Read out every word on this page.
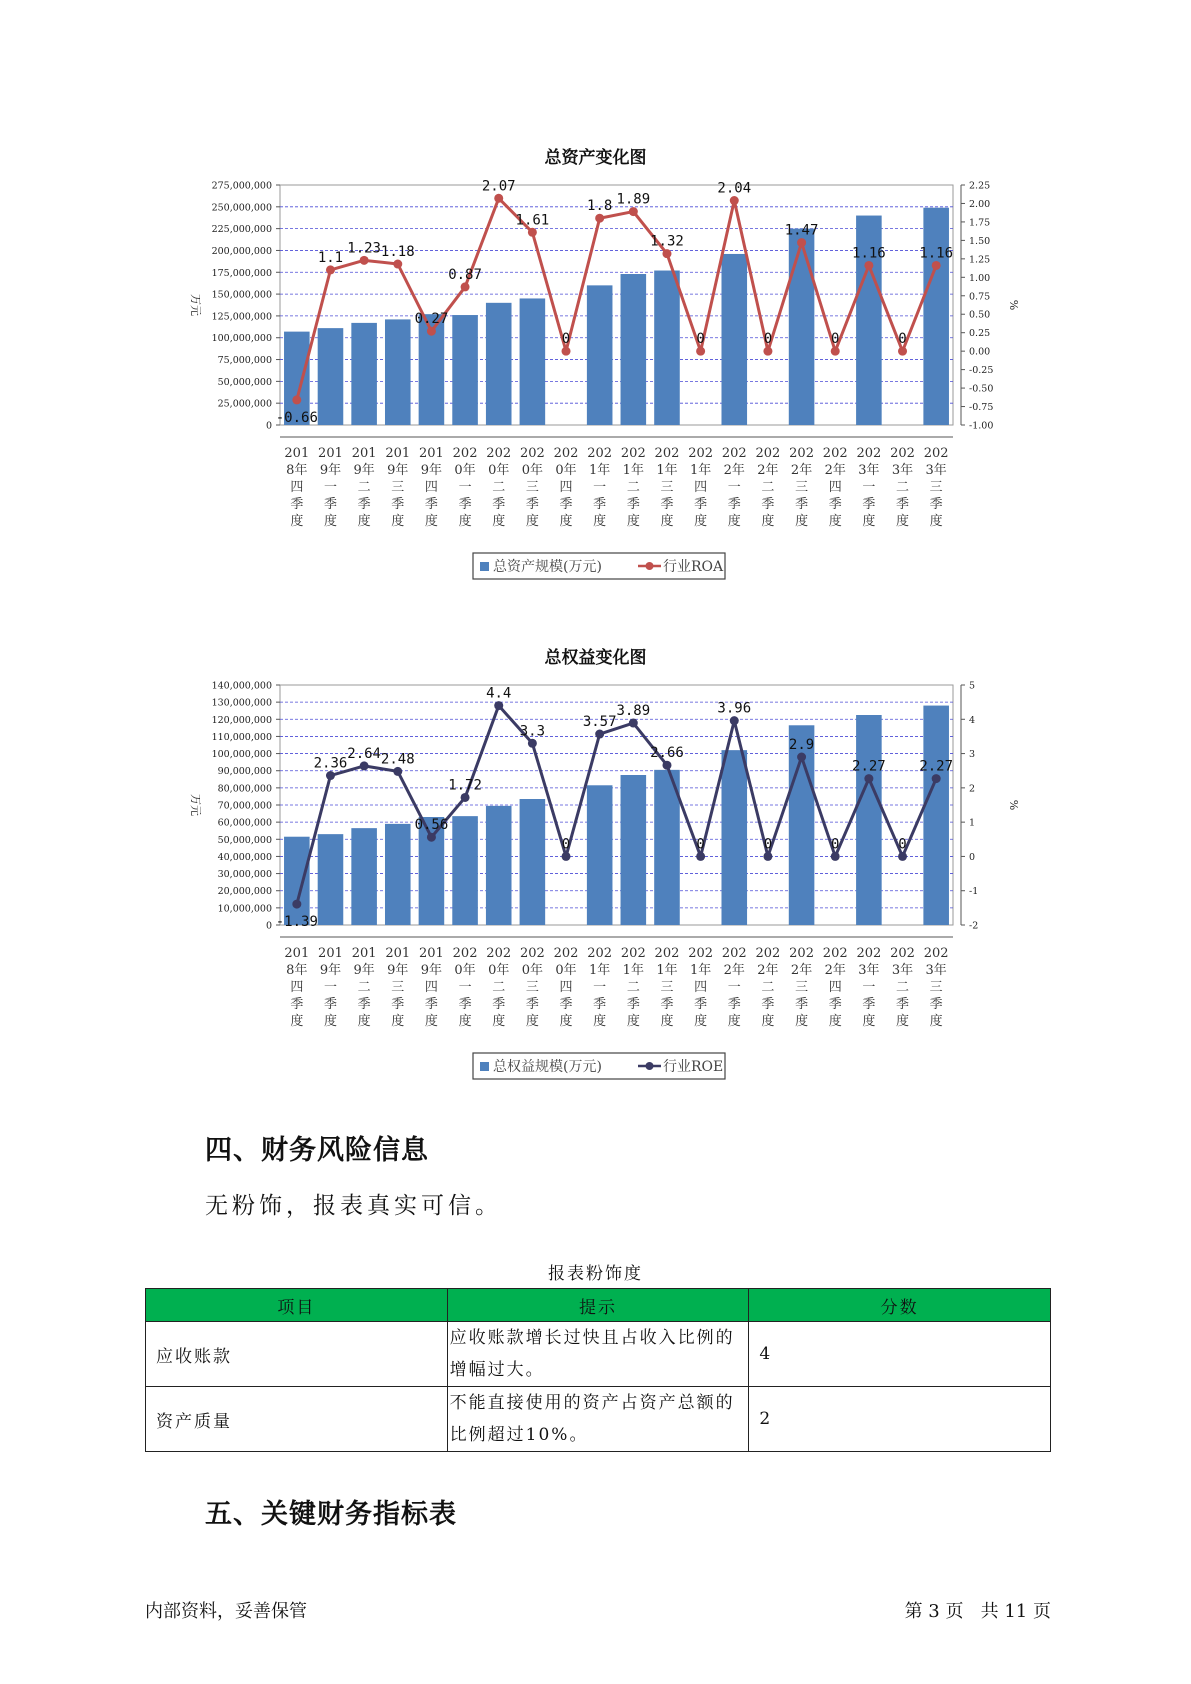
总资产变化图
0
25,000,000
50,000,000
75,000,000
100,000,000
125,000,000
150,000,000
175,000,000
200,000,000
225,000,000
250,000,000
275,000,000
-1.00
-0.75
-0.50
-0.25
0.00
0.25
0.50
0.75
1.00
1.25
1.50
1.75
2.00
2.25
万元	%
-0.66
1.1
1.23 1.18
0.27
0.87
2.07
1.61
0
1.8 1.89
1.32
0
2.04
0
1.47
0
1.16
0
1.16
201 8年四季度
201 9年一季度
201 9年二季度
201 9年三季度
201 9年四季度
202 0年一季度
202 0年二季度
202 0年三季度
202 0年四季度
202 1年一季度
202 1年二季度
202 1年三季度
202 1年四季度
202 2年一季度
202 2年二季度
202 2年三季度
202 2年四季度
202 3年一季度
202 3年二季度
202 3年三季度
总资产规模(万元)	行业ROA
总权益变化图
0
10,000,000
20,000,000
30,000,000
40,000,000
50,000,000
60,000,000
70,000,000
80,000,000
90,000,000
100,000,000
110,000,000
120,000,000
130,000,000
140,000,000
-2
-1
0
1
2
3
4
5
万元	%
-1.39
2.36
2.64 2.48
0.56
1.72
4.4
3.3
0
3.57
3.89
2.66
0
3.96
0
2.9
0
2.27
0
2.27
201 8年四季度
201 9年一季度
201 9年二季度
201 9年三季度
201 9年四季度
202 0年一季度
202 0年二季度
202 0年三季度
202 0年四季度
202 1年一季度
202 1年二季度
202 1年三季度
202 1年四季度
202 2年一季度
202 2年二季度
202 2年三季度
202 2年四季度
202 3年一季度
202 3年二季度
202 3年三季度
总权益规模(万元)	行业ROE
四、财务风险信息
无粉饰，报表真实可信。
报表粉饰度
项目	提示	分数
应收账款	应收账款增长过快且占收入比例的增幅过大。	4
资产质量	不能直接使用的资产占资产总额的比例超过10%。	2
五、关键财务指标表
内部资料，妥善保管	第 3 页   共 11 页
